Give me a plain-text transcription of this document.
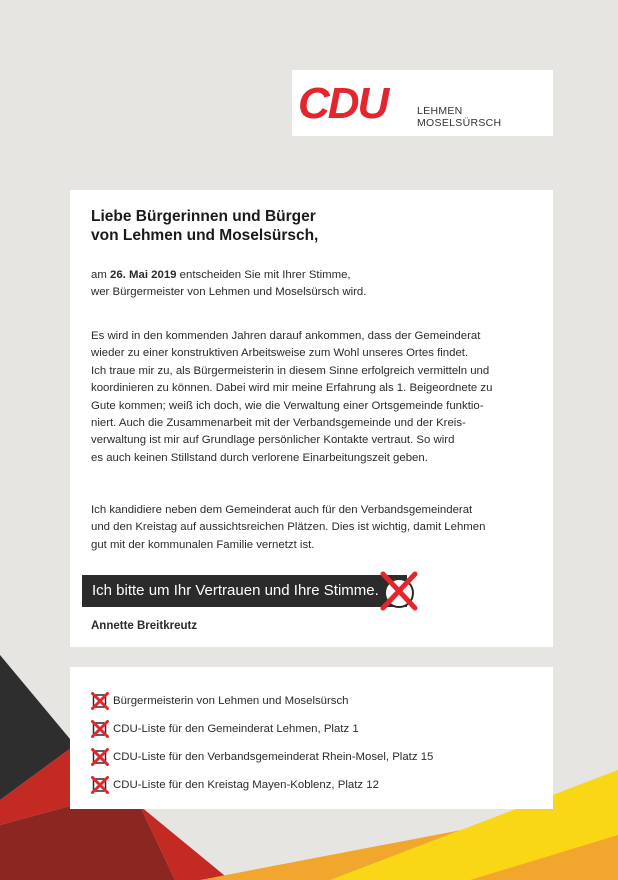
CDU	LEHMEN
MOSELSÜRSCH
Liebe Bürgerinnen und Bürger
von Lehmen und Moselsürsch,
am 26. Mai 2019 entscheiden Sie mit Ihrer Stimme,
wer Bürgermeister von Lehmen und Moselsürsch wird.
Es wird in den kommenden Jahren darauf ankommen, dass der Gemeinderat
wieder zu einer konstruktiven Arbeitsweise zum Wohl unseres Ortes findet.
Ich traue mir zu, als Bürgermeisterin in diesem Sinne erfolgreich vermitteln und
koordinieren zu können. Dabei wird mir meine Erfahrung als 1. Beigeordnete zu
Gute kommen; weiß ich doch, wie die Verwaltung einer Ortsgemeinde funktio-
niert. Auch die Zusammenarbeit mit der Verbandsgemeinde und der Kreis-
verwaltung ist mir auf Grundlage persönlicher Kontakte vertraut. So wird
es auch keinen Stillstand durch verlorene Einarbeitungszeit geben.
Ich kandidiere neben dem Gemeinderat auch für den Verbandsgemeinderat
und den Kreistag auf aussichtsreichen Plätzen. Dies ist wichtig, damit Lehmen
gut mit der kommunalen Familie vernetzt ist.
Ich bitte um Ihr Vertrauen und Ihre Stimme.
Annette Breitkreutz
Bürgermeisterin von Lehmen und Moselsürsch
CDU-Liste für den Gemeinderat Lehmen, Platz 1
CDU-Liste für den Verbandsgemeinderat Rhein-Mosel, Platz 15
CDU-Liste für den Kreistag Mayen-Koblenz, Platz 12
